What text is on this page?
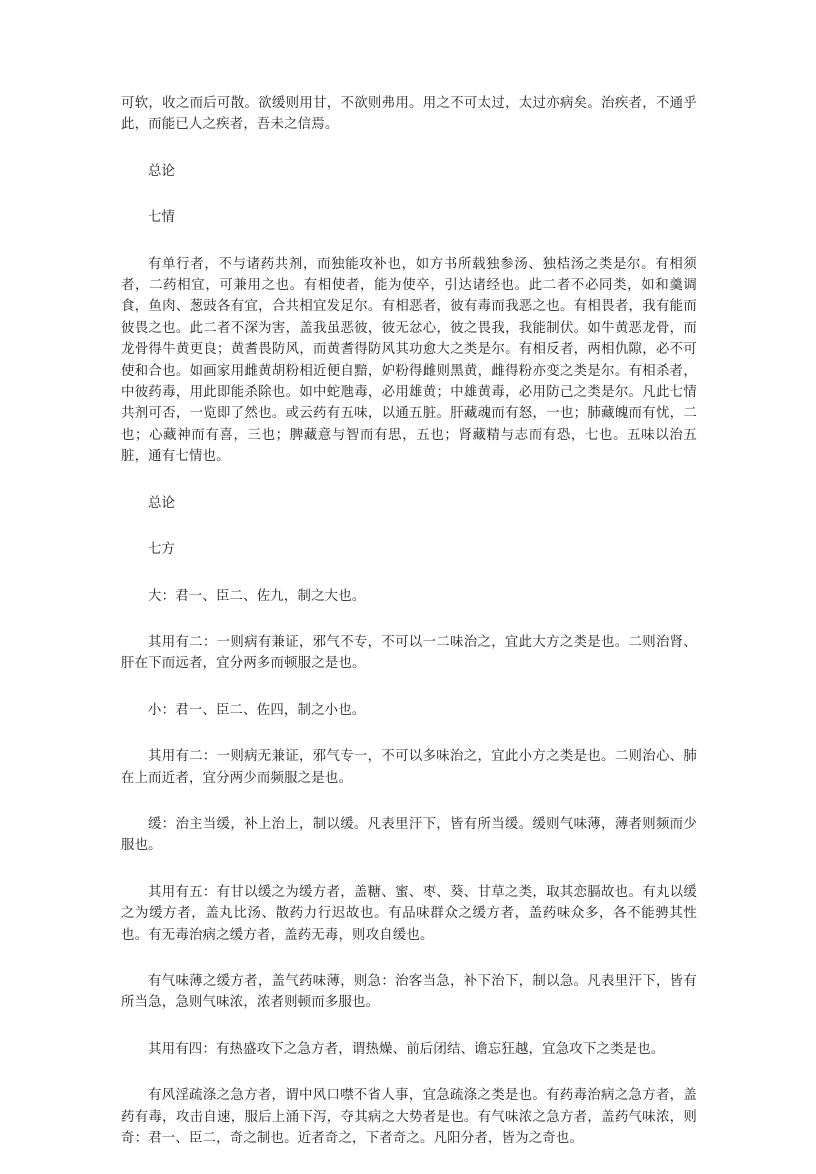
可软，收之而后可散。欲缓则用甘，不欲则弗用。用之不可太过，太过亦病矣。治疾者，不通乎此，而能已人之疾者，吾未之信焉。

总论
七情

有单行者，不与诸药共剂，而独能攻补也，如方书所载独参汤、独桔汤之类是尔。有相须者，二药相宜，可兼用之也。有相使者，能为使卒，引达诸经也。此二者不必同类，如和羹调食，鱼肉、葱豉各有宜，合共相宜发足尔。有相恶者，彼有毒而我恶之也。有相畏者，我有能而彼畏之也。此二者不深为害，盖我虽恶彼，彼无忿心，彼之畏我，我能制伏。如牛黄恶龙骨，而龙骨得牛黄更良；黄耆畏防风，而黄耆得防风其功愈大之类是尔。有相反者，两相仇隙，必不可使和合也。如画家用雌黄胡粉相近便自黯，妒粉得雌则黑黄，雌得粉亦变之类是尔。有相杀者，中彼药毒，用此即能杀除也。如中蛇虺毒，必用雄黄；中雄黄毒，必用防己之类是尔。凡此七情共剂可否，一览即了然也。或云药有五味，以通五脏。肝藏魂而有怒，一也；肺藏魄而有忧，二也；心藏神而有喜，三也；脾藏意与智而有思，五也；肾藏精与志而有恐，七也。五味以治五脏，通有七情也。

总论
七方

大：君一、臣二、佐九，制之大也。

其用有二：一则病有兼证，邪气不专，不可以一二味治之，宜此大方之类是也。二则治肾、肝在下而远者，宜分两多而顿服之是也。

小：君一、臣二、佐四，制之小也。

其用有二：一则病无兼证，邪气专一，不可以多味治之，宜此小方之类是也。二则治心、肺在上而近者，宜分两少而频服之是也。

缓：治主当缓，补上治上，制以缓。凡表里汗下，皆有所当缓。缓则气味薄，薄者则频而少服也。

其用有五：有甘以缓之为缓方者，盖糖、蜜、枣、葵、甘草之类，取其恋膈故也。有丸以缓之为缓方者，盖丸比汤、散药力行迟故也。有品味群众之缓方者，盖药味众多，各不能骋其性也。有无毒治病之缓方者，盖药无毒，则攻自缓也。

有气味薄之缓方者，盖气药味薄，则急：治客当急，补下治下，制以急。凡表里汗下，皆有所当急，急则气味浓，浓者则顿而多服也。

其用有四：有热盛攻下之急方者，谓热燥、前后闭结、谵忘狂越，宜急攻下之类是也。

有风淫疏涤之急方者，谓中风口噤不省人事，宜急疏涤之类是也。有药毒治病之急方者，盖药有毒，攻击自速，服后上涌下泻，夺其病之大势者是也。有气味浓之急方者，盖药气味浓，则奇：君一、臣二，奇之制也。近者奇之，下者奇之。凡阳分者，皆为之奇也。
